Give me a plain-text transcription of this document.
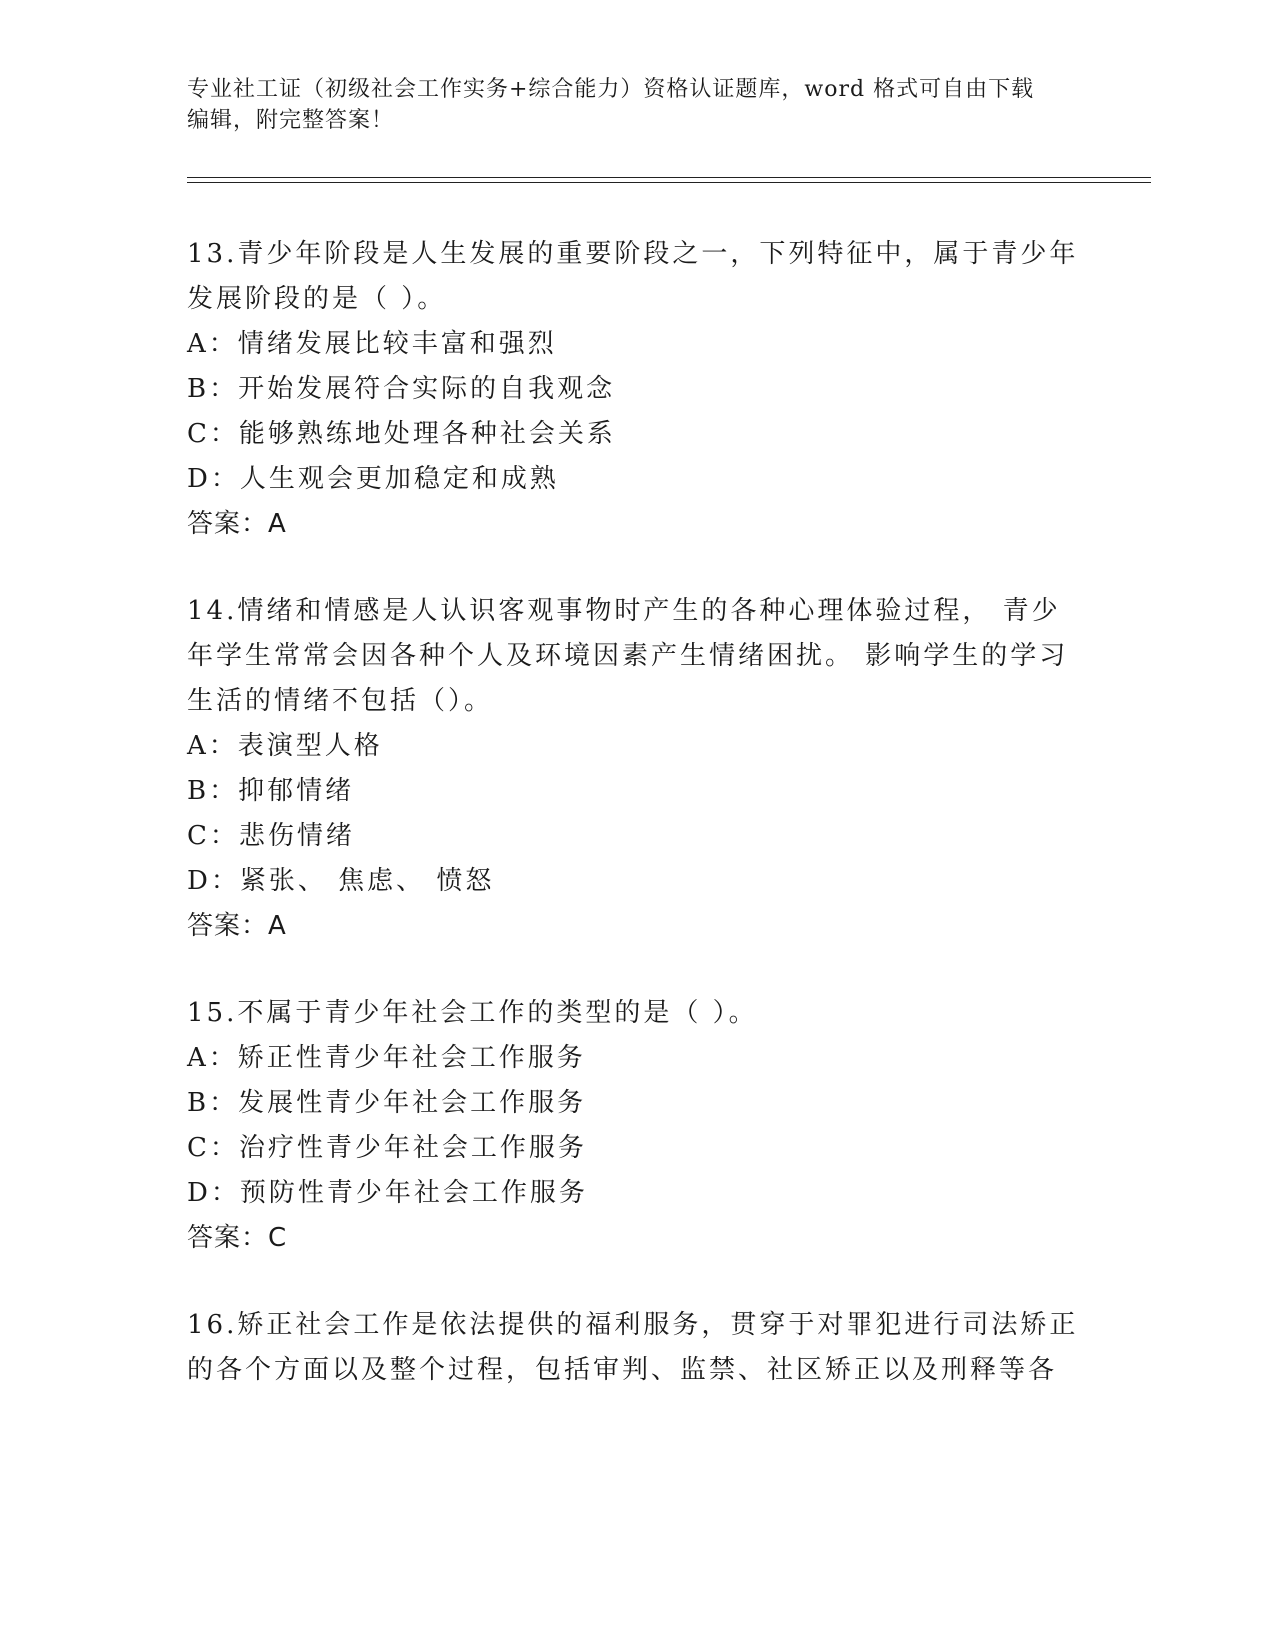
专业社工证（初级社会工作实务+综合能力）资格认证题库，word 格式可自由下载
编辑，附完整答案！

13.青少年阶段是人生发展的重要阶段之一，下列特征中，属于青少年

发展阶段的是（ ）。

A：情绪发展比较丰富和强烈

B：开始发展符合实际的自我观念

C：能够熟练地处理各种社会关系

D：人生观会更加稳定和成熟

答案：A

14.情绪和情感是人认识客观事物时产生的各种心理体验过程， 青少

年学生常常会因各种个人及环境因素产生情绪困扰。 影响学生的学习

生活的情绪不包括（）。

A：表演型人格

B：抑郁情绪

C：悲伤情绪

D：紧张、 焦虑、 愤怒

答案：A

15.不属于青少年社会工作的类型的是（ ）。

A：矫正性青少年社会工作服务

B：发展性青少年社会工作服务

C：治疗性青少年社会工作服务

D：预防性青少年社会工作服务

答案：C

16.矫正社会工作是依法提供的福利服务，贯穿于对罪犯进行司法矫正

的各个方面以及整个过程，包括审判、监禁、社区矫正以及刑释等各
